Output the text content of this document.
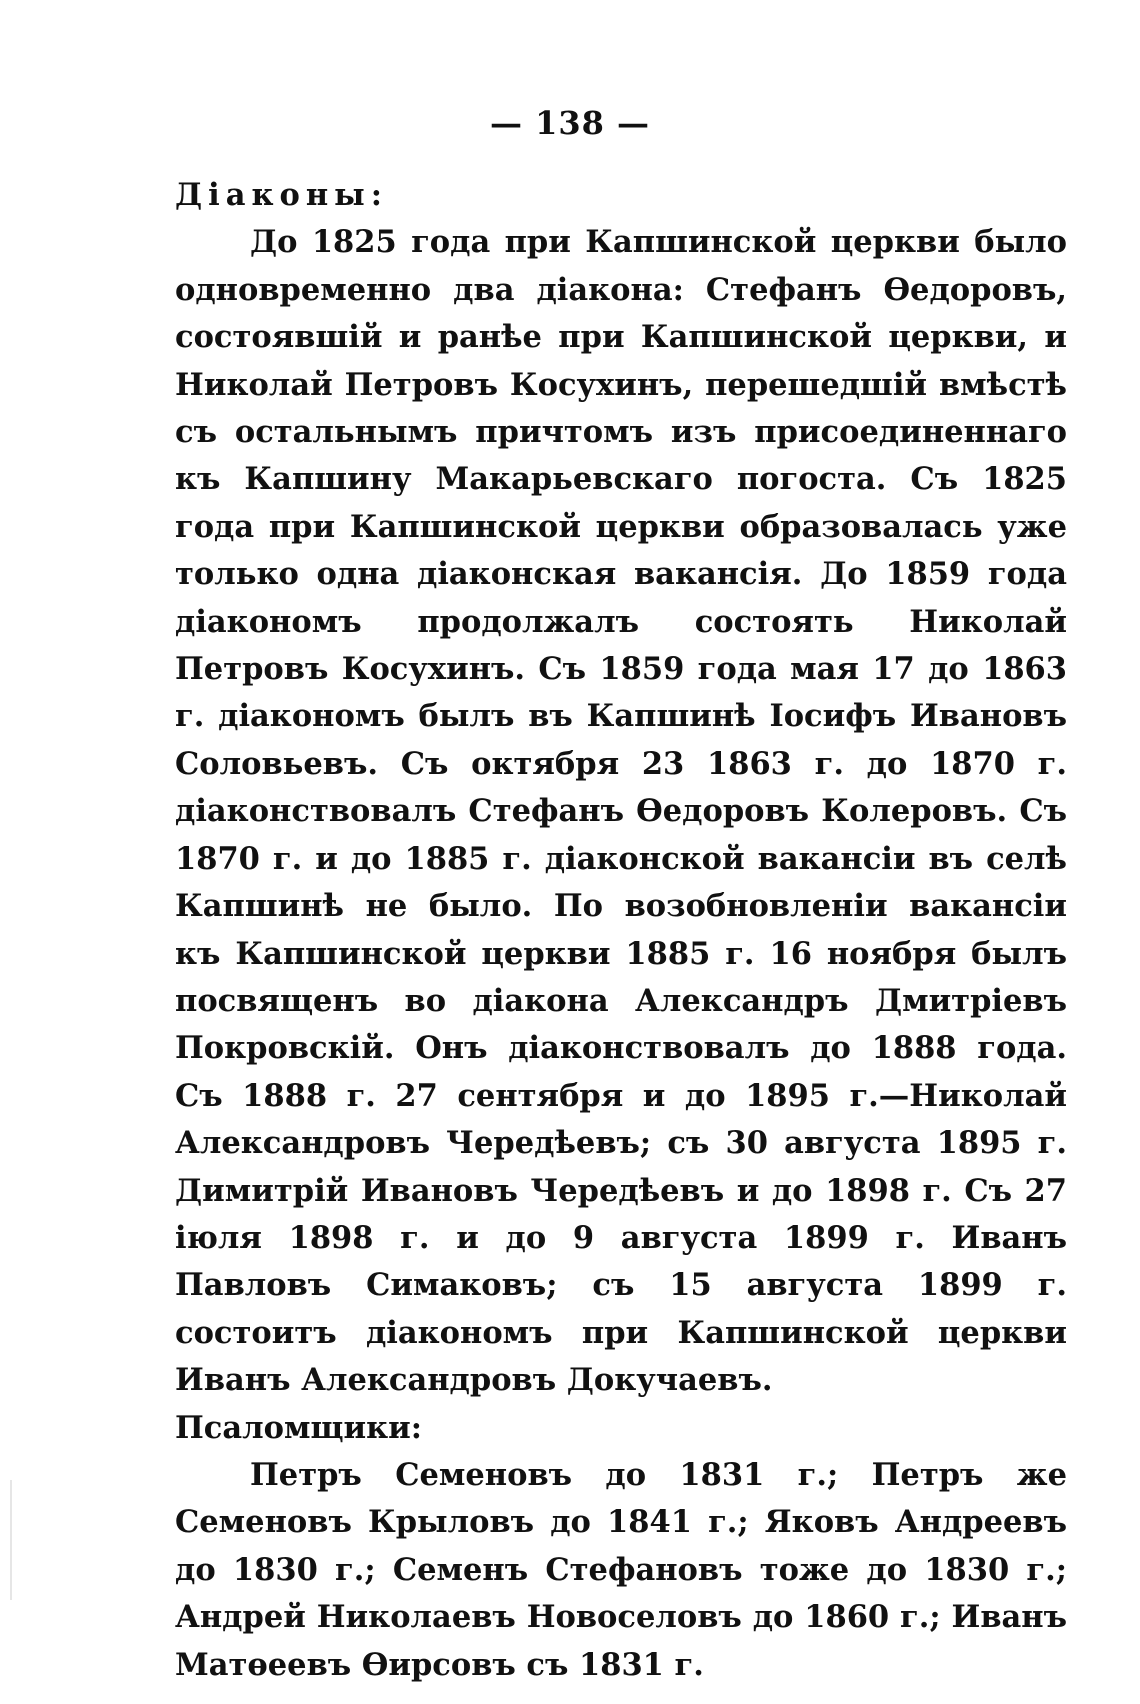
— 138 —

Діаконы:

До 1825 года при Капшинской церкви было одновременно два діакона: Стефанъ Өедоровъ, состоявшій и ранѣе при Капшинской церкви, и Николай Петровъ Косухинъ, перешедшій вмѣстѣ съ остальнымъ причтомъ изъ присоединеннаго къ Капшину Макарьевскаго погоста. Съ 1825 года при Капшинской церкви образовалась уже только одна діаконская вакансія. До 1859 года діакономъ продолжалъ состоять Николай Петровъ Косухинъ. Съ 1859 года мая 17 до 1863 г. діакономъ былъ въ Капшинѣ Іосифъ Ивановъ Соловьевъ. Съ октября 23 1863 г. до 1870 г. діаконствовалъ Стефанъ Өедоровъ Колеровъ. Съ 1870 г. и до 1885 г. діаконской вакансіи въ селѣ Капшинѣ не было. По возобновленіи вакансіи къ Капшинской церкви 1885 г. 16 ноября былъ посвященъ во діакона Александръ Дмитріевъ Покровскій. Онъ діаконствовалъ до 1888 года. Съ 1888 г. 27 сентября и до 1895 г.—Николай Александровъ Чередѣевъ; съ 30 августа 1895 г. Димитрій Ивановъ Чередѣевъ и до 1898 г. Съ 27 іюля 1898 г. и до 9 августа 1899 г. Иванъ Павловъ Симаковъ; съ 15 августа 1899 г. состоитъ діакономъ при Капшинской церкви Иванъ Александровъ Докучаевъ.

Псаломщики:

Петръ Семеновъ до 1831 г.; Петръ же Семеновъ Крыловъ до 1841 г.; Яковъ Андреевъ до 1830 г.; Семенъ Стефановъ тоже до 1830 г.; Андрей Николаевъ Новоселовъ до 1860 г.; Иванъ Матөеевъ Өирсовъ съ 1831 г.
